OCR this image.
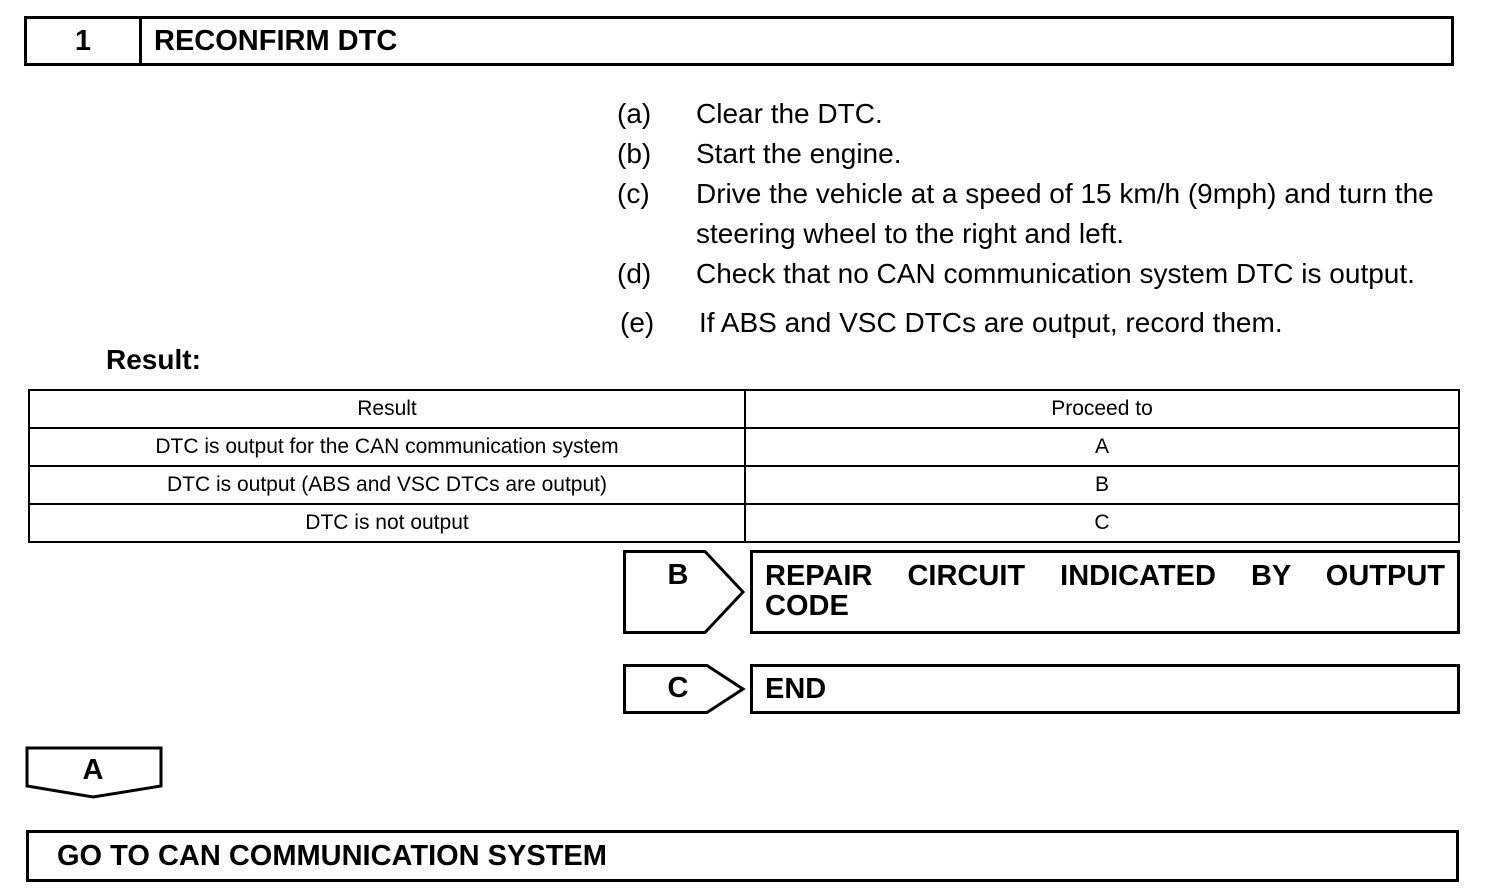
1	RECONFIRM DTC
(a)	Clear the DTC.
(b)	Start the engine.
(c)	Drive the vehicle at a speed of 15 km/h (9mph) and turn the steering wheel to the right and left.
(d)	Check that no CAN communication system DTC is output.
(e)	If ABS and VSC DTCs are output, record them.
Result:
Result	Proceed to
DTC is output for the CAN communication system	A
DTC is output (ABS and VSC DTCs are output)	B
DTC is not output	C
B	REPAIR CIRCUIT INDICATED BY OUTPUT
CODE
C	END
A
GO TO CAN COMMUNICATION SYSTEM
